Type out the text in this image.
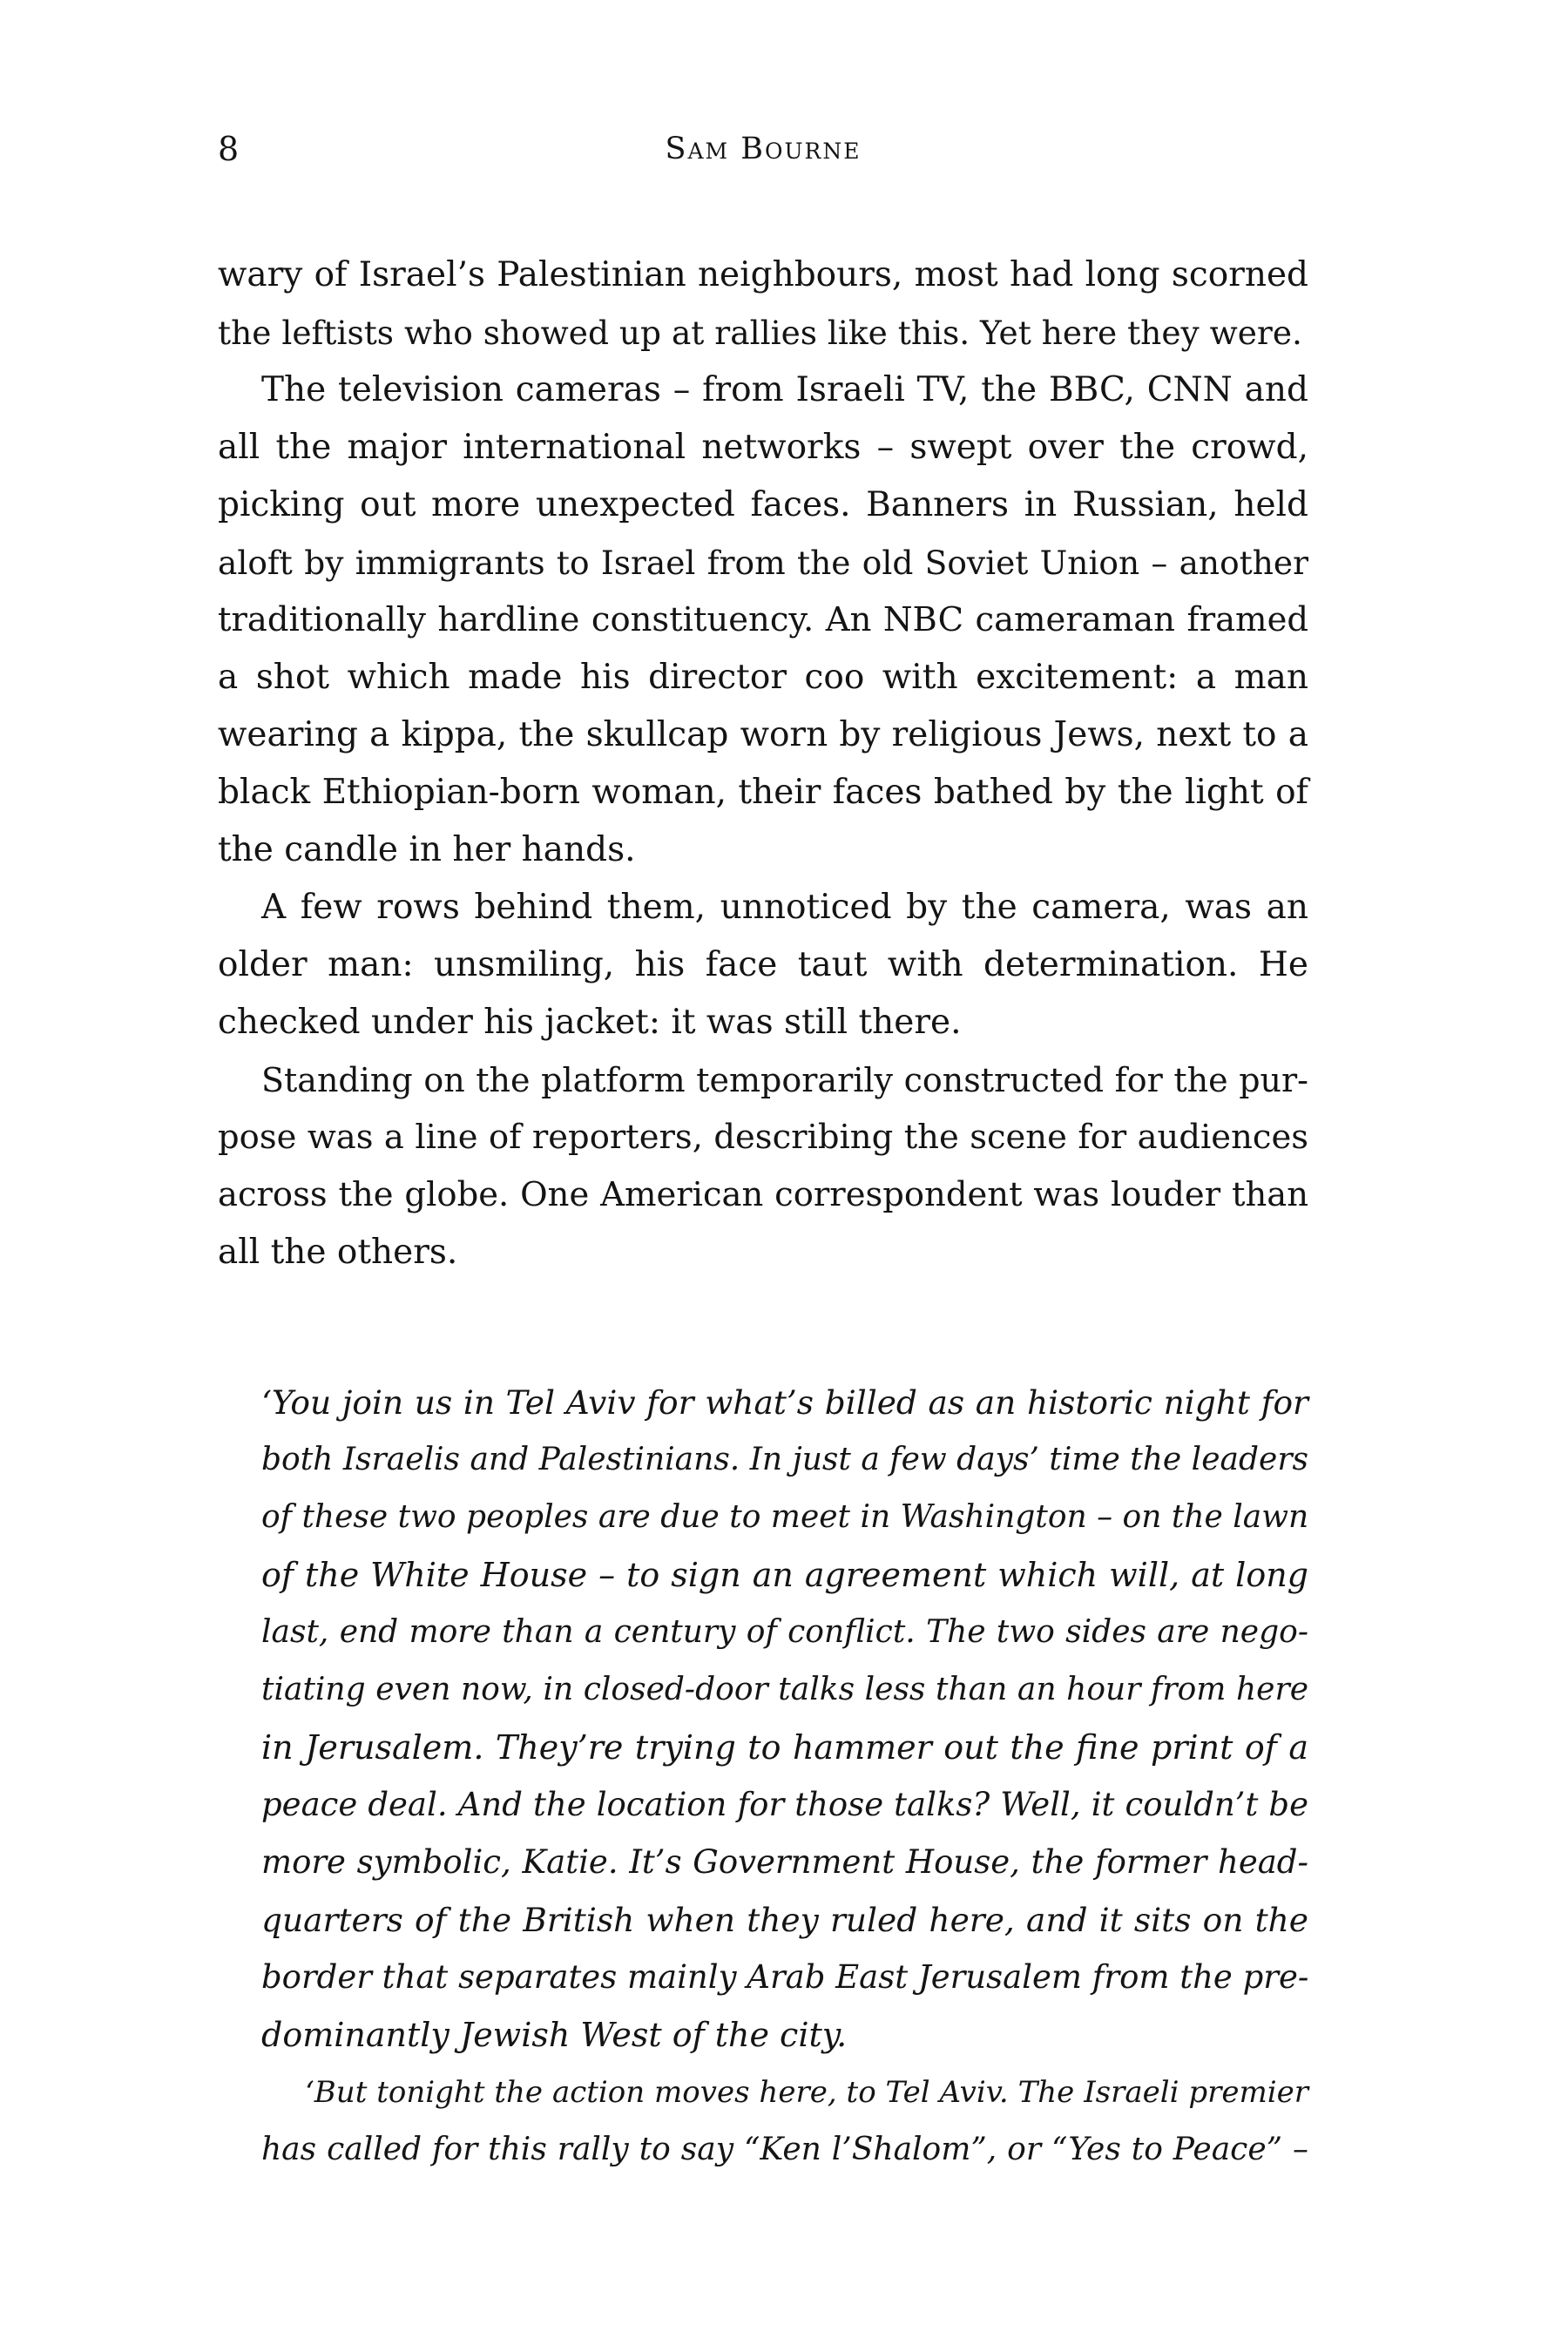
8	Sam Bourne
wary of Israel’s Palestinian neighbours, most had long scorned
the leftists who showed up at rallies like this. Yet here they were.
The television cameras – from Israeli TV, the BBC, CNN and
all the major international networks – swept over the crowd,
picking out more unexpected faces. Banners in Russian, held
aloft by immigrants to Israel from the old Soviet Union – another
traditionally hardline constituency. An NBC cameraman framed
a shot which made his director coo with excitement: a man
wearing a kippa, the skullcap worn by religious Jews, next to a
black Ethiopian-born woman, their faces bathed by the light of
the candle in her hands.
A few rows behind them, unnoticed by the camera, was an
older man: unsmiling, his face taut with determination. He
checked under his jacket: it was still there.
Standing on the platform temporarily constructed for the pur-
pose was a line of reporters, describing the scene for audiences
across the globe. One American correspondent was louder than
all the others.
‘You join us in Tel Aviv for what’s billed as an historic night for
both Israelis and Palestinians. In just a few days’ time the leaders
of these two peoples are due to meet in Washington – on the lawn
of the White House – to sign an agreement which will, at long
last, end more than a century of conflict. The two sides are nego-
tiating even now, in closed-door talks less than an hour from here
in Jerusalem. They’re trying to hammer out the fine print of a
peace deal. And the location for those talks? Well, it couldn’t be
more symbolic, Katie. It’s Government House, the former head-
quarters of the British when they ruled here, and it sits on the
border that separates mainly Arab East Jerusalem from the pre-
dominantly Jewish West of the city.
‘But tonight the action moves here, to Tel Aviv. The Israeli premier
has called for this rally to say “Ken l’Shalom”, or “Yes to Peace” –
